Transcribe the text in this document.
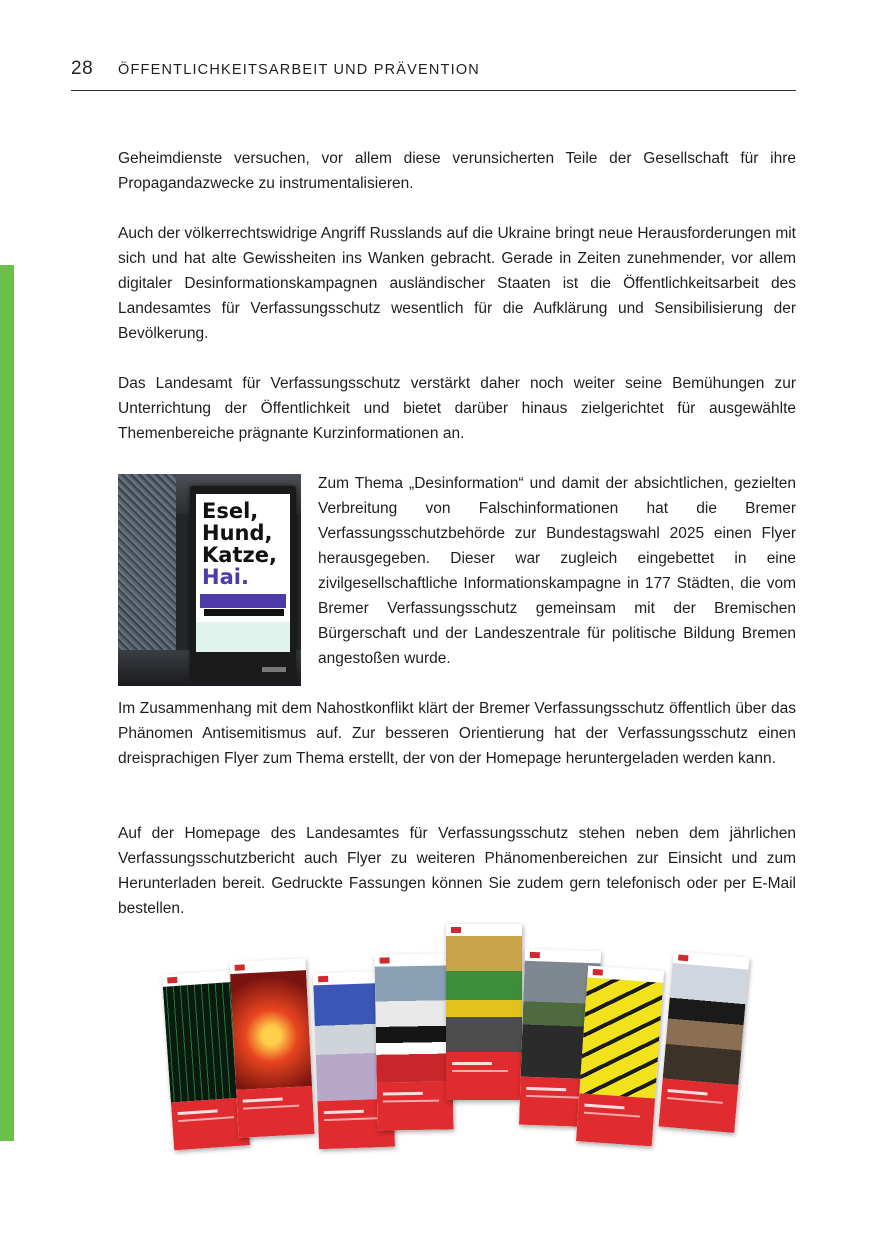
28 ÖFFENTLICHKEITSARBEIT UND PRÄVENTION

Geheimdienste versuchen, vor allem diese verunsicherten Teile der Gesellschaft für ihre Propagandazwecke zu instrumentalisieren.

Auch der völkerrechtswidrige Angriff Russlands auf die Ukraine bringt neue Herausforderungen mit sich und hat alte Gewissheiten ins Wanken gebracht. Gerade in Zeiten zunehmender, vor allem digitaler Desinformationskampagnen ausländischer Staaten ist die Öffentlichkeitsarbeit des Landesamtes für Verfassungsschutz wesentlich für die Aufklärung und Sensibilisierung der Bevölkerung.

Das Landesamt für Verfassungsschutz verstärkt daher noch weiter seine Bemühungen zur Unterrichtung der Öffentlichkeit und bietet darüber hinaus zielgerichtet für ausgewählte Themenbereiche prägnante Kurzinformationen an.

Esel,
Hund,
Katze,
Hai.

Zum Thema „Desinformation“ und damit der absichtlichen, gezielten Verbreitung von Falschinformationen hat die Bremer Verfassungsschutzbehörde zur Bundestagswahl 2025 einen Flyer herausgegeben. Dieser war zugleich eingebettet in eine zivilgesellschaftliche Informationskampagne in 177 Städten, die vom Bremer Verfassungsschutz gemeinsam mit der Bremischen Bürgerschaft und der Landeszentrale für politische Bildung Bremen angestoßen wurde.

Im Zusammenhang mit dem Nahostkonflikt klärt der Bremer Verfassungsschutz öffentlich über das Phänomen Antisemitismus auf. Zur besseren Orientierung hat der Verfassungsschutz einen dreisprachigen Flyer zum Thema erstellt, der von der Homepage heruntergeladen werden kann.

Auf der Homepage des Landesamtes für Verfassungsschutz stehen neben dem jährlichen Verfassungsschutzbericht auch Flyer zu weiteren Phänomenbereichen zur Einsicht und zum Herunterladen bereit. Gedruckte Fassungen können Sie zudem gern telefonisch oder per E-Mail bestellen.
